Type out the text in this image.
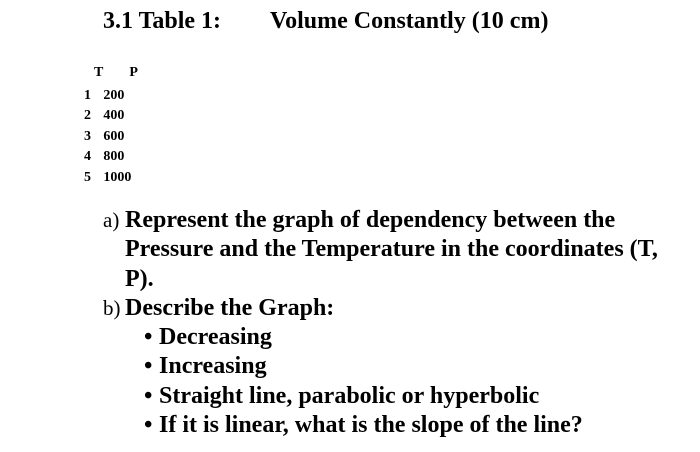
3.1 Table 1: Volume Constantly (10 cm)
T	P
1	200
2	400
3	600
4	800
5	1000
a) Represent the graph of dependency between the Pressure and the Temperature in the coordinates (T, P).
b) Describe the Graph:
• Decreasing
• Increasing
• Straight line, parabolic or hyperbolic
• If it is linear, what is the slope of the line?
